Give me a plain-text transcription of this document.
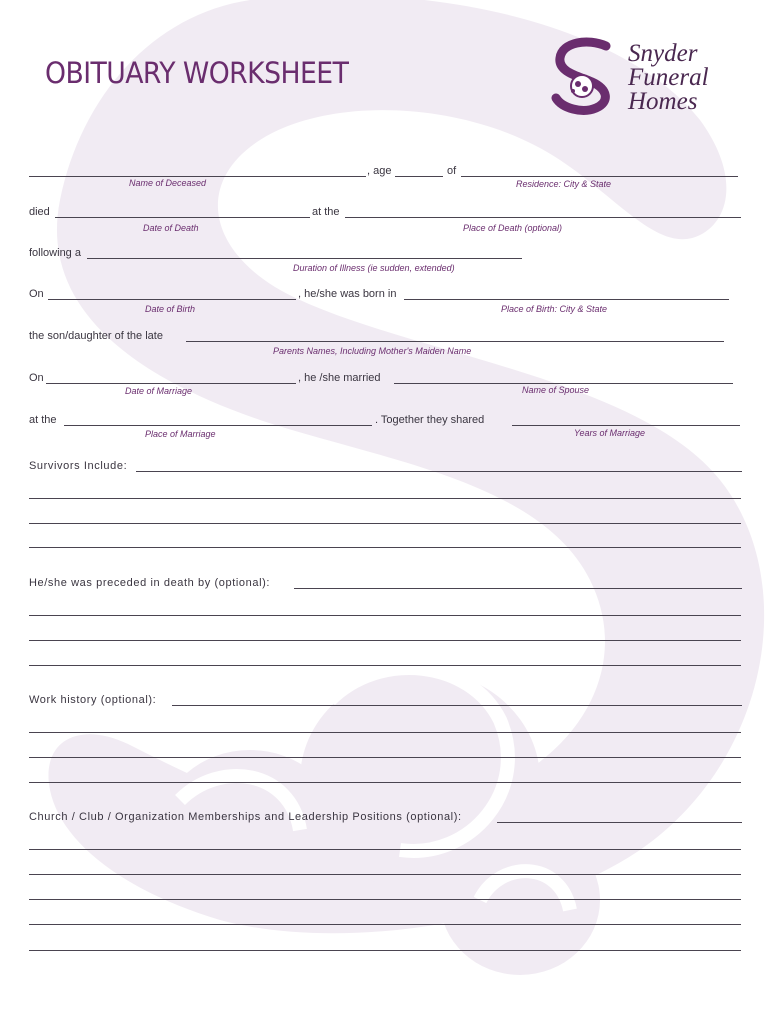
OBITUARY WORKSHEET
Snyder
Funeral
Homes
, age	of
Name of Deceased	Residence: City & State
died	at the
Date of Death	Place of Death (optional)
following a
Duration of Illness (ie sudden, extended)
On	, he/she was born in
Date of Birth	Place of Birth: City & State
the son/daughter of the late
Parents Names, Including Mother's Maiden Name
On	, he /she married
Date of Marriage	Name of Spouse
at the	. Together they shared
Place of Marriage	Years of Marriage
Survivors Include:
He/she was preceded in death by (optional):
Work history (optional):
Church / Club / Organization Memberships and Leadership Positions (optional):
